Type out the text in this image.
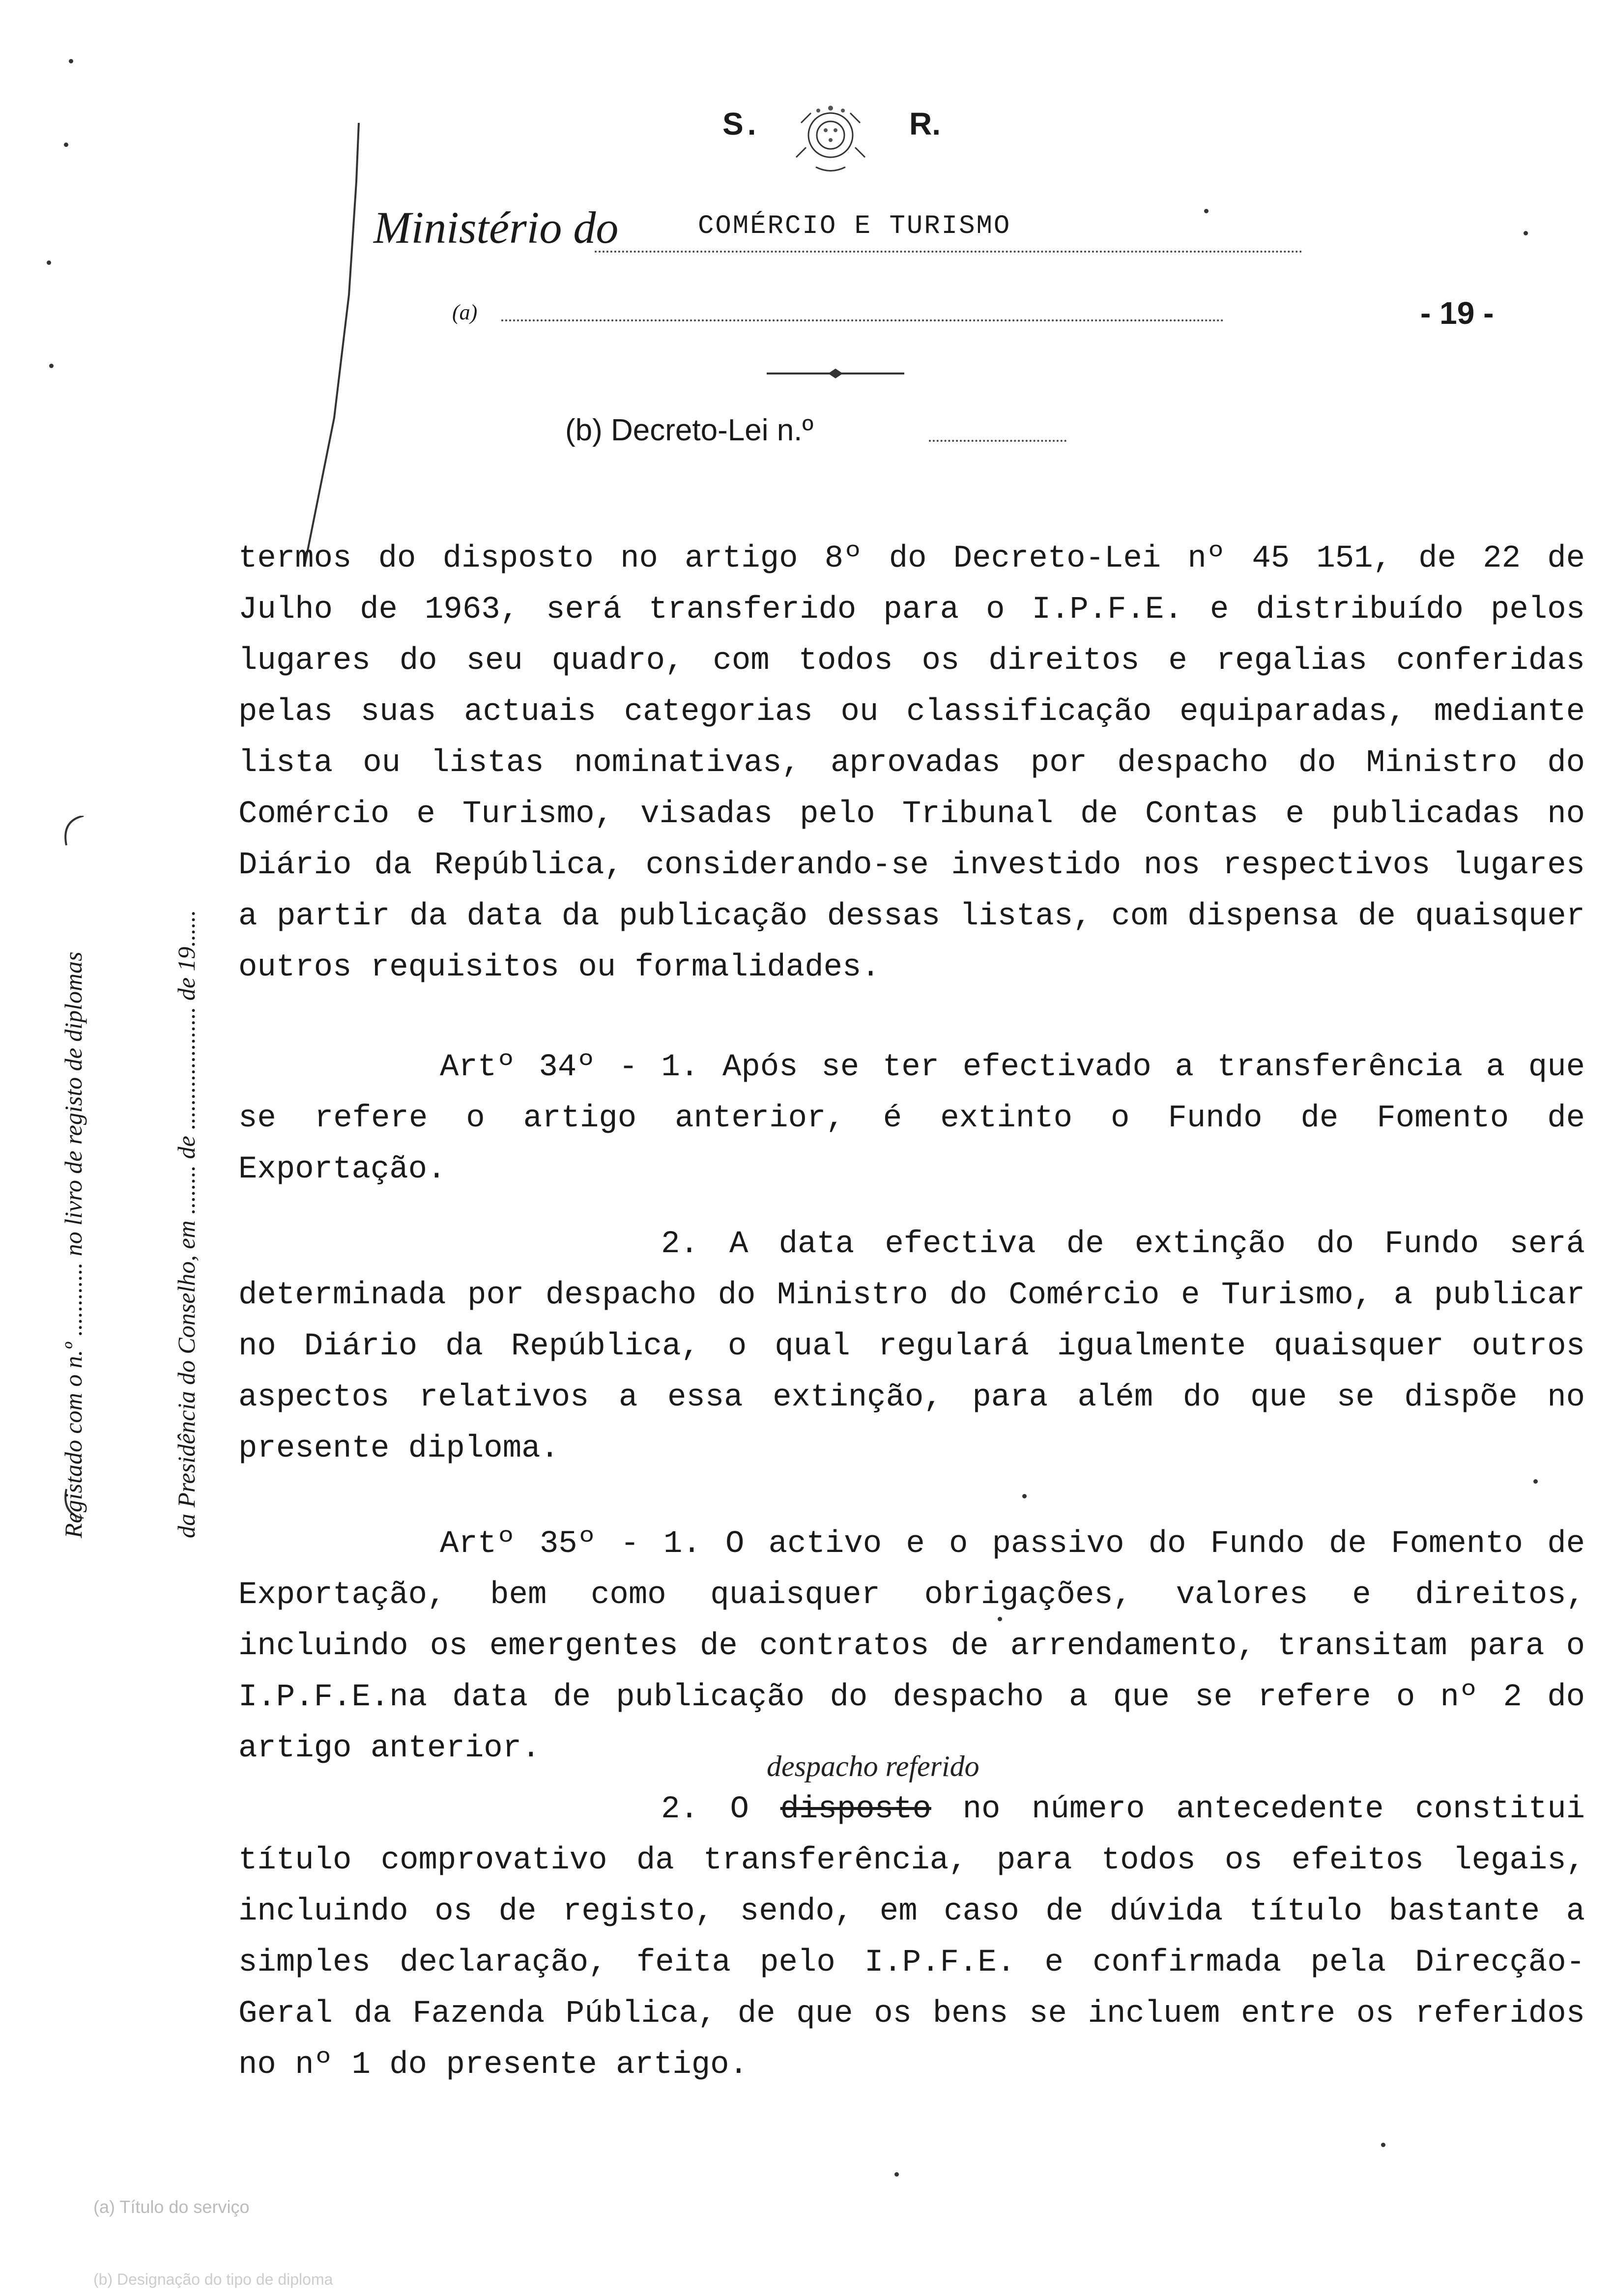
S.	R.
Ministério do	COMÉRCIO E TURISMO
(a)	- 19 -
(b) Decreto-Lei n.º
Registado com o n.º ............ no livro de registo de diplomas	da Presidência do Conselho, em ........ de .................... de 19......
termos do disposto no artigo 8º do Decreto-Lei nº 45 151, de 22 de Julho de 1963, será transferido para o I.P.F.E. e distribuído pelos lugares do seu quadro, com todos os direitos e regalias conferidas pelas suas actuais categorias ou classificação equiparadas, mediante lista ou listas nominativas, aprovadas por despacho do Ministro do Comércio e Turismo, visadas pelo Tribunal de Contas e publicadas no Diário da República, considerando-se investido nos respectivos lugares a partir da data da publicação dessas listas, com dispensa de quaisquer outros requisitos ou formalidades.
Artº 34º - 1. Após se ter efectivado a transferência a que se refere o artigo anterior, é extinto o Fundo de Fomento de Exportação.
2. A data efectiva de extinção do Fundo será determinada por despacho do Ministro do Comércio e Turismo, a publicar no Diário da República, o qual regulará igualmente quaisquer outros aspectos relativos a essa extinção, para além do que se dispõe no presente diploma.
Artº 35º - 1. O activo e o passivo do Fundo de Fomento de Exportação, bem como quaisquer obrigações, valores e direitos, incluindo os emergentes de contratos de arrendamento, transitam para o I.P.F.E.na data de publicação do despacho a que se refere o nº 2 do artigo anterior.	despacho referido
2. O disposto no número antecedente constitui título comprovativo da transferência, para todos os efeitos legais, incluindo os de registo, sendo, em caso de dúvida título bastante a simples declaração, feita pelo I.P.F.E. e confirmada pela Direcção-Geral da Fazenda Pública, de que os bens se incluem entre os referidos no nº 1 do presente artigo.
(a) Título do serviço
(b) Designação do tipo de diploma
